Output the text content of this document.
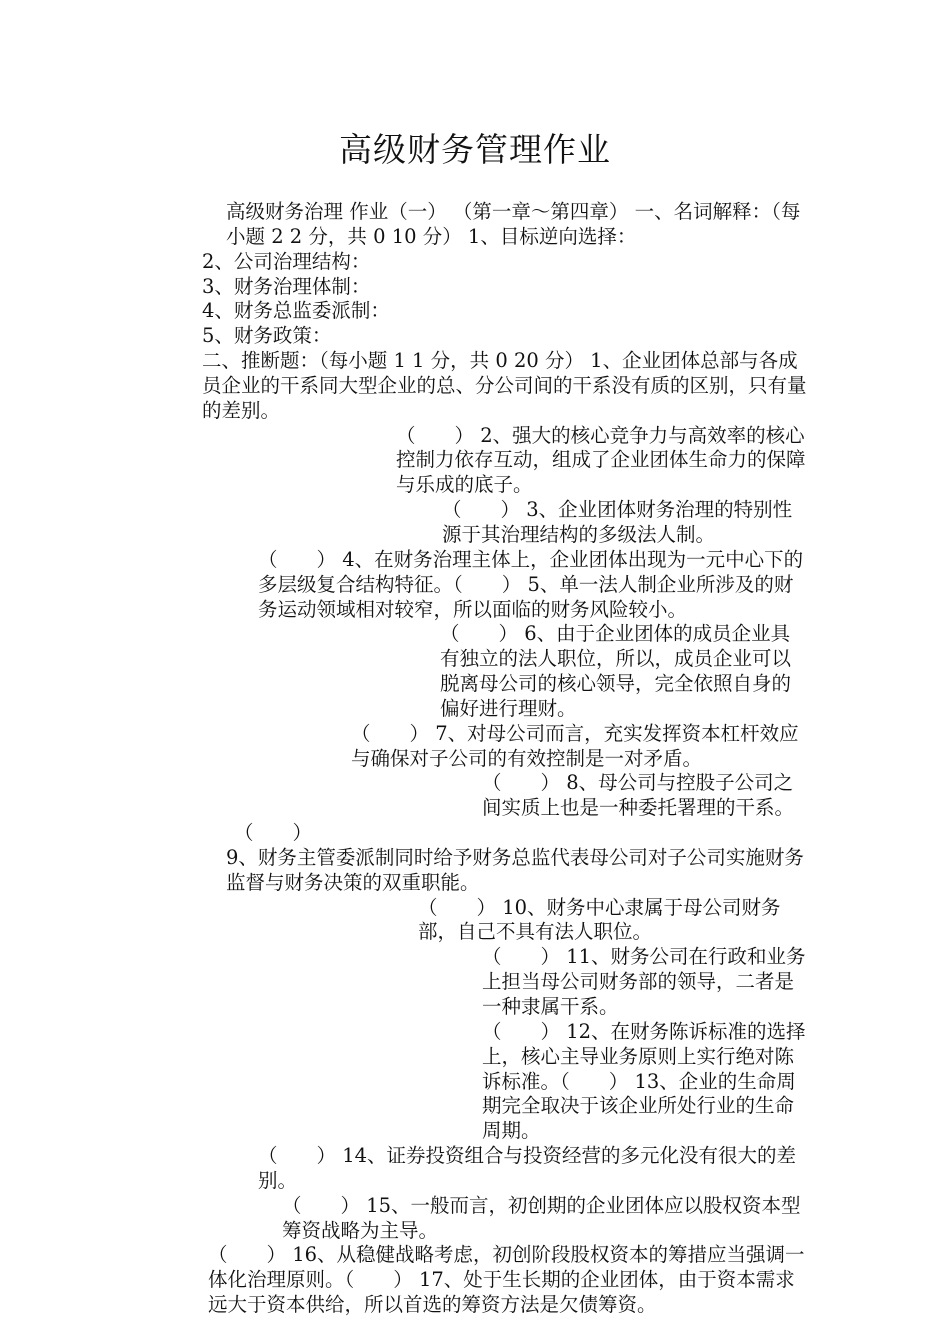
高级财务管理作业

高级财务治理 作业（一） （第一章～第四章） 一、名词解释：（每小题 2 2 分，共 0 10 分） 1、目标逆向选择：

2、公司治理结构：

3、财务治理体制：

4、财务总监委派制：

5、财务政策：

二、推断题：（每小题 1 1 分，共 0 20 分） 1、企业团体总部与各成员企业的干系同大型企业的总、分公司间的干系没有质的区别，只有量的差别。

（　　） 2、强大的核心竞争力与高效率的核心控制力依存互动，组成了企业团体生命力的保障与乐成的底子。

（　　） 3、企业团体财务治理的特别性源于其治理结构的多级法人制。

（　　） 4、在财务治理主体上，企业团体出现为一元中心下的多层级复合结构特征。（　　） 5、单一法人制企业所涉及的财务运动领域相对较窄，所以面临的财务风险较小。

（　　） 6、由于企业团体的成员企业具有独立的法人职位，所以，成员企业可以脱离母公司的核心领导，完全依照自身的偏好进行理财。

（　　） 7、对母公司而言，充实发挥资本杠杆效应与确保对子公司的有效控制是一对矛盾。

（　　） 8、母公司与控股子公司之间实质上也是一种委托署理的干系。

（　　）

9、财务主管委派制同时给予财务总监代表母公司对子公司实施财务监督与财务决策的双重职能。

（　　） 10、财务中心隶属于母公司财务部，自己不具有法人职位。

（　　） 11、财务公司在行政和业务上担当母公司财务部的领导，二者是一种隶属干系。

（　　） 12、在财务陈诉标准的选择上，核心主导业务原则上实行绝对陈诉标准。（　　） 13、企业的生命周期完全取决于该企业所处行业的生命周期。

（　　） 14、证券投资组合与投资经营的多元化没有很大的差别。

（　　） 15、一般而言，初创期的企业团体应以股权资本型筹资战略为主导。

（　　） 16、从稳健战略考虑，初创阶段股权资本的筹措应当强调一体化治理原则。（　　） 17、处于生长期的企业团体，由于资本需求远大于资本供给，所以首选的筹资方法是欠债筹资。
